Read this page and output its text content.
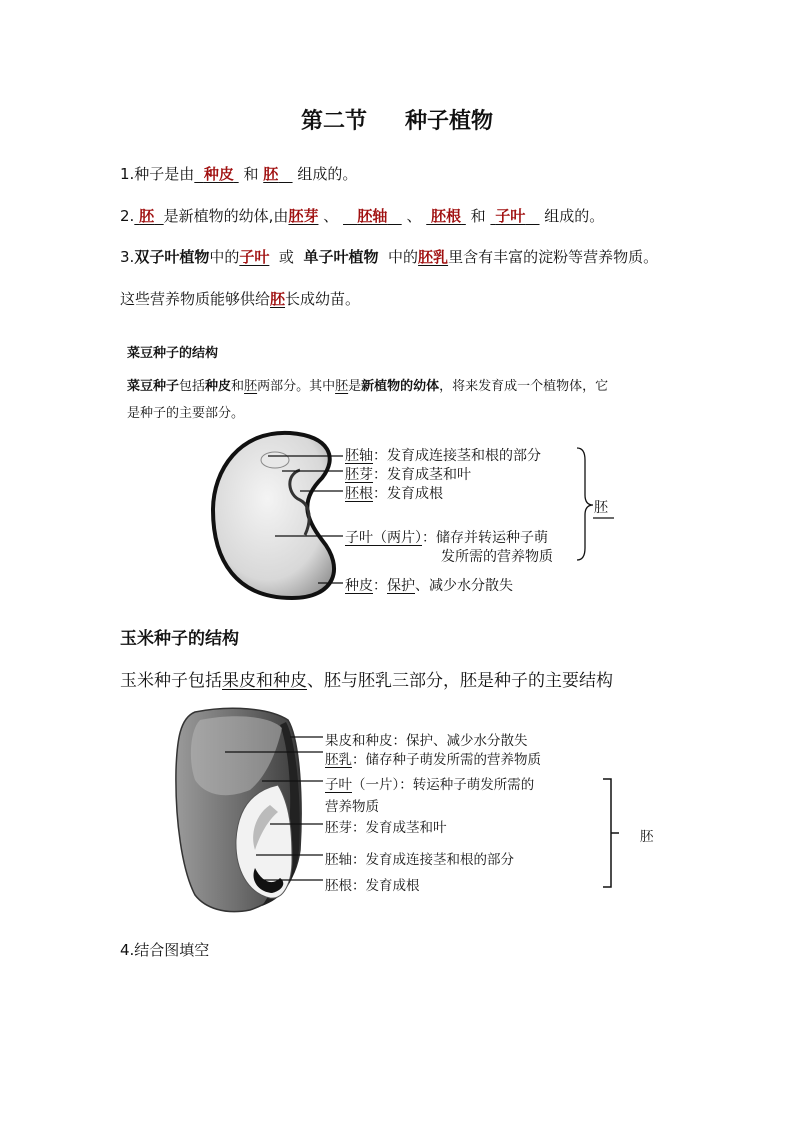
第二节 种子植物
1.种子是由 种皮 和 胚 组成的。
2. 胚 是新植物的幼体,由胚芽 、 胚轴 、 胚根 和 子叶 组成的。
3.双子叶植物中的子叶 或 单子叶植物 中的胚乳里含有丰富的淀粉等营养物质。
这些营养物质能够供给胚长成幼苗。
菜豆种子的结构
菜豆种子包括种皮和胚两部分。其中胚是新植物的幼体，将来发育成一个植物体，它
是种子的主要部分。
胚轴：发育成连接茎和根的部分
胚芽：发育成茎和叶
胚根：发育成根
子叶（两片）：储存并转运种子萌
发所需的营养物质
种皮：保护、减少水分散失
胚
玉米种子的结构
玉米种子包括果皮和种皮、胚与胚乳三部分，胚是种子的主要结构
果皮和种皮：保护、减少水分散失
胚乳：储存种子萌发所需的营养物质
子叶（一片）：转运种子萌发所需的
营养物质
胚芽：发育成茎和叶
胚轴：发育成连接茎和根的部分
胚根：发育成根
胚
4.结合图填空
